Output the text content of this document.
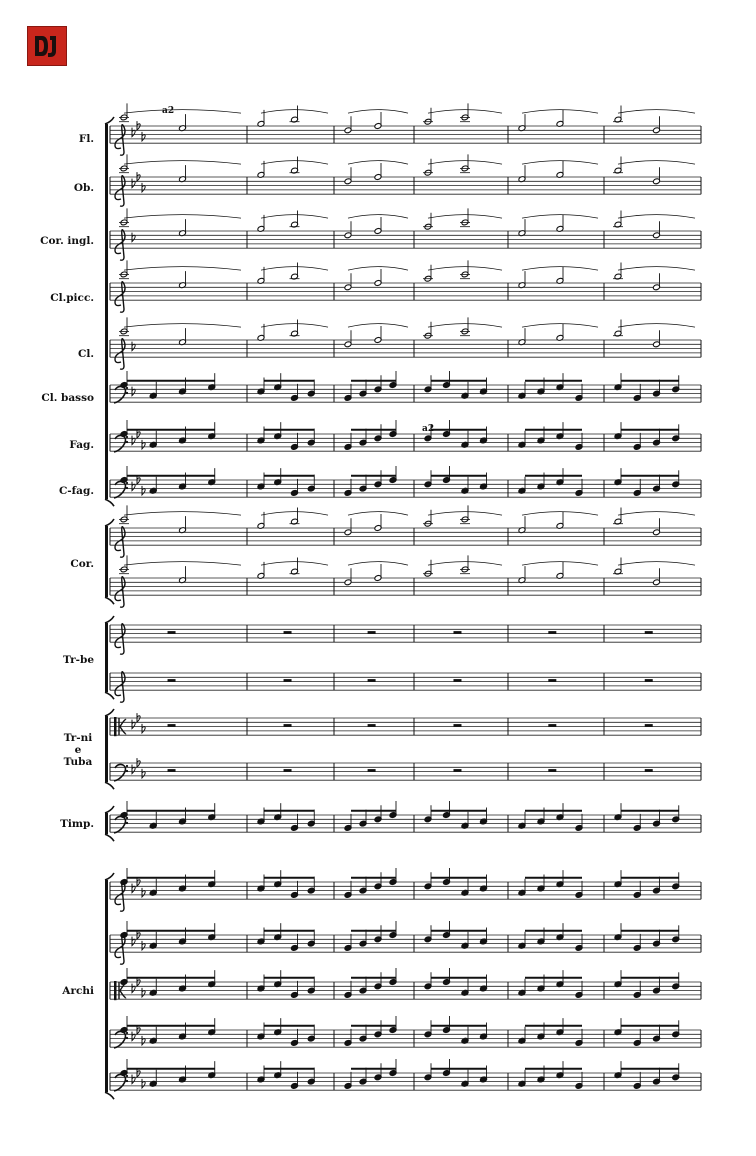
Fl.
Ob.
Cor. ingl.
Cl.picc.
Cl.
Cl. basso
Fag.
C-fag.
Cor.
Tr-be
Tr-ni
e
Tuba
Timp.
Archi
a2
a2
